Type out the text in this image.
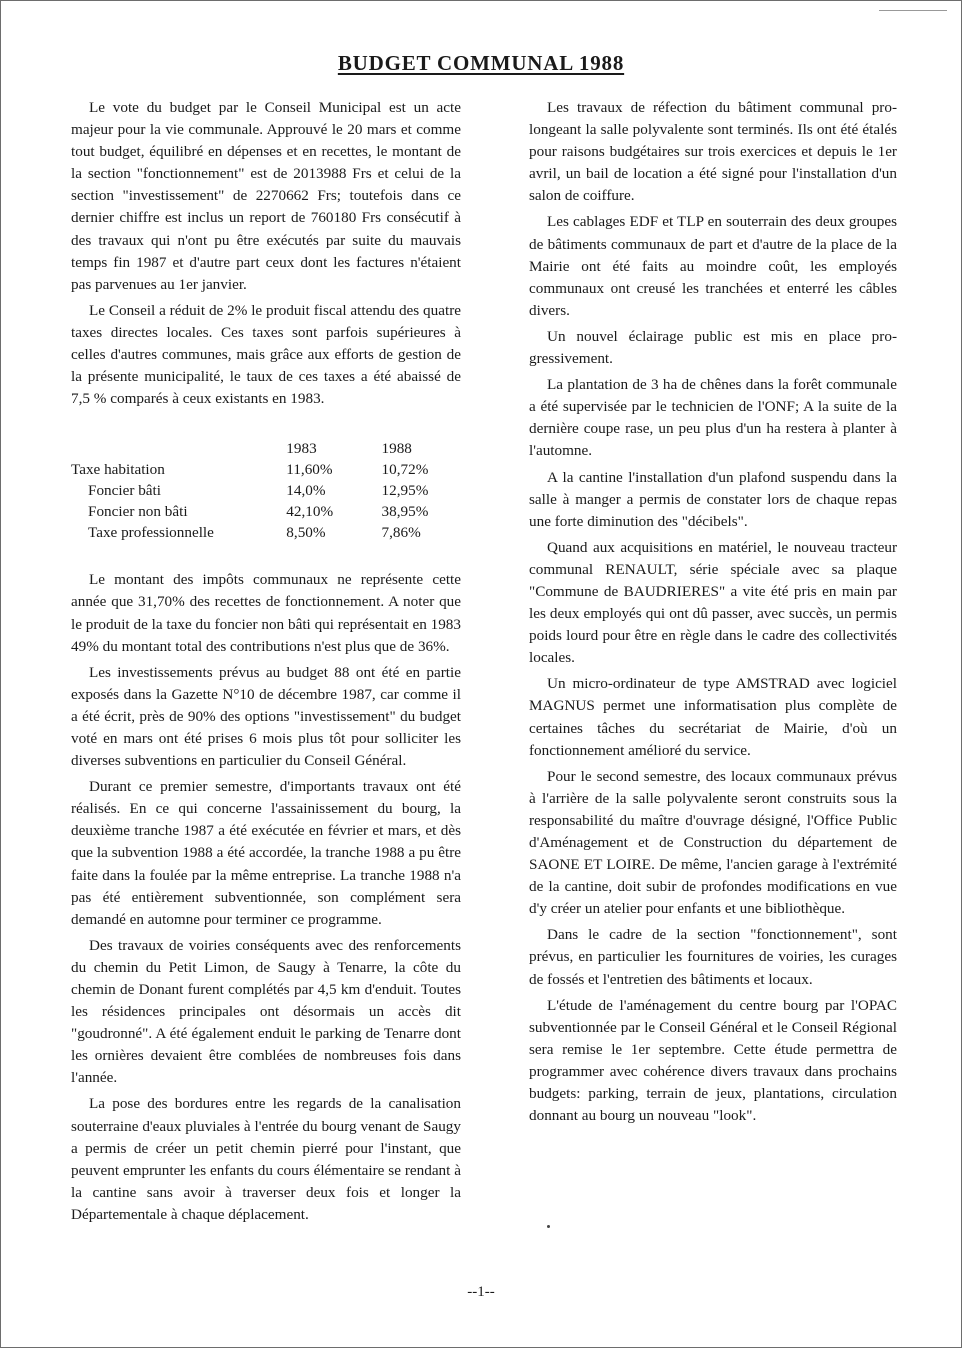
BUDGET COMMUNAL 1988

Le vote du budget par le Conseil Municipal est un acte majeur pour la vie communale. Approuvé le 20 mars et comme tout budget, équilibré en dépenses et en recettes, le montant de la section "fonctionnement" est de 2013988 Frs et celui de la section "investissement" de 2270662 Frs; toutefois dans ce dernier chiffre est inclus un report de 760180 Frs consécutif à des travaux qui n'ont pu être exécutés par suite du mauvais temps fin 1987 et d'autre part ceux dont les factures n'étaient pas parvenues au 1er janvier.

Le Conseil a réduit de 2% le produit fiscal attendu des quatre taxes directes locales. Ces taxes sont parfois supérieures à celles d'autres communes, mais grâce aux efforts de gestion de la présente municipalité, le taux de ces taxes a été abaissé de 7,5 % comparés à ceux existants en 1983.

	1983	1988
Taxe habitation	11,60%	10,72%
Foncier bâti	14,0%	12,95%
Foncier non bâti	42,10%	38,95%
Taxe professionnelle	8,50%	7,86%

Le montant des impôts communaux ne représente cette année que 31,70% des recettes de fonctionnement. A noter que le produit de la taxe du foncier non bâti qui représentait en 1983 49% du montant total des contributions n'est plus que de 36%.

Les investissements prévus au budget 88 ont été en partie exposés dans la Gazette N°10 de décembre 1987, car comme il a été écrit, près de 90% des options "investissement" du budget voté en mars ont été prises 6 mois plus tôt pour solliciter les diverses subventions en particulier du Conseil Général.

Durant ce premier semestre, d'importants travaux ont été réalisés. En ce qui concerne l'assainissement du bourg, la deuxième tranche 1987 a été exécutée en février et mars, et dès que la subvention 1988 a été accordée, la tranche 1988 a pu être faite dans la foulée par la même entreprise. La tranche 1988 n'a pas été entièrement subventionnée, son complément sera demandé en automne pour terminer ce programme.

Des travaux de voiries conséquents avec des renforcements du chemin du Petit Limon, de Saugy à Tenarre, la côte du chemin de Donant furent complétés par 4,5 km d'enduit. Toutes les résidences principales ont désormais un accès dit "goudronné". A été également enduit le parking de Tenarre dont les ornières devaient être comblées de nombreuses fois dans l'année.

La pose des bordures entre les regards de la canalisation souterraine d'eaux pluviales à l'entrée du bourg venant de Saugy a permis de créer un petit chemin pierré pour l'instant, que peuvent emprunter les enfants du cours élémentaire se rendant à la cantine sans avoir à traverser deux fois et longer la Départementale à chaque déplacement.

Les travaux de réfection du bâtiment communal prolongeant la salle polyvalente sont terminés. Ils ont été étalés pour raisons budgétaires sur trois exercices et depuis le 1er avril, un bail de location a été signé pour l'installation d'un salon de coiffure.

Les cablages EDF et TLP en souterrain des deux groupes de bâtiments communaux de part et d'autre de la place de la Mairie ont été faits au moindre coût, les employés communaux ont creusé les tranchées et enterré les câbles divers.

Un nouvel éclairage public est mis en place progressivement.

La plantation de 3 ha de chênes dans la forêt communale a été supervisée par le technicien de l'ONF; A la suite de la dernière coupe rase, un peu plus d'un ha restera à planter à l'automne.

A la cantine l'installation d'un plafond suspendu dans la salle à manger a permis de constater lors de chaque repas une forte diminution des "décibels".

Quand aux acquisitions en matériel, le nouveau tracteur communal RENAULT, série spéciale avec sa plaque "Commune de BAUDRIERES" a vite été pris en main par les deux employés qui ont dû passer, avec succès, un permis poids lourd pour être en règle dans le cadre des collectivités locales.

Un micro-ordinateur de type AMSTRAD avec logiciel MAGNUS permet une informatisation plus complète de certaines tâches du secrétariat de Mairie, d'où un fonctionnement amélioré du service.

Pour le second semestre, des locaux communaux prévus à l'arrière de la salle polyvalente seront construits sous la responsabilité du maître d'ouvrage désigné, l'Office Public d'Aménagement et de Construction du département de SAONE ET LOIRE. De même, l'ancien garage à l'extrémité de la cantine, doit subir de profondes modifications en vue d'y créer un atelier pour enfants et une bibliothèque.

Dans le cadre de la section "fonctionnement", sont prévus, en particulier les fournitures de voiries, les curages de fossés et l'entretien des bâtiments et locaux.

L'étude de l'aménagement du centre bourg par l'OPAC subventionnée par le Conseil Général et le Conseil Régional sera remise le 1er septembre. Cette étude permettra de programmer avec cohérence divers travaux dans prochains budgets: parking, terrain de jeux, plantations, circulation donnant au bourg un nouveau "look".

--1--
